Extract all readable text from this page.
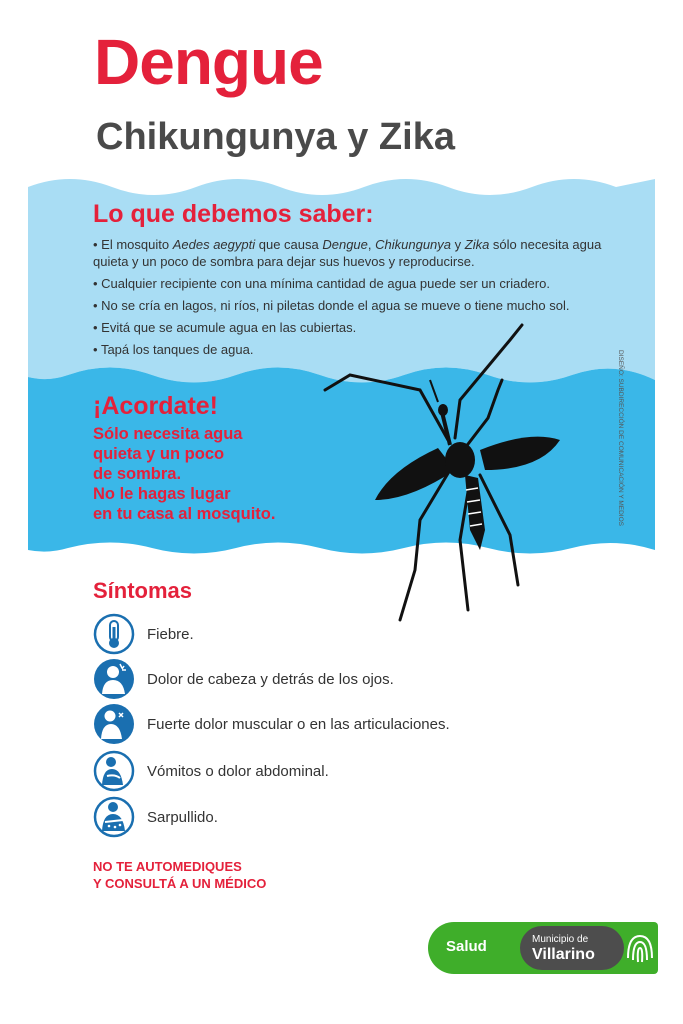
Dengue
Chikungunya y Zika
Lo que debemos saber:
• El mosquito Aedes aegypti que causa Dengue, Chikungunya y Zika sólo necesita agua quieta y un poco de sombra para dejar sus huevos y reproducirse.
• Cualquier recipiente con una mínima cantidad de agua puede ser un criadero.
• No se cría en lagos, ni ríos, ni piletas donde el agua se mueve o tiene mucho sol.
• Evitá que se acumule agua en las cubiertas.
• Tapá los tanques de agua.
¡Acordate!
Sólo necesita agua
quieta y un poco
de sombra.
No le hagas lugar
en tu casa al mosquito.	DISEÑO: SUBDIRECCIÓN DE COMUNICACIÓN Y MEDIOS
Síntomas
Fiebre.
Dolor de cabeza y detrás de los ojos.
Fuerte dolor muscular o en las articulaciones.
Vómitos o dolor abdominal.
Sarpullido.
NO TE AUTOMEDIQUES
Y CONSULTÁ A UN MÉDICO
Salud	Municipio de
Villarino
